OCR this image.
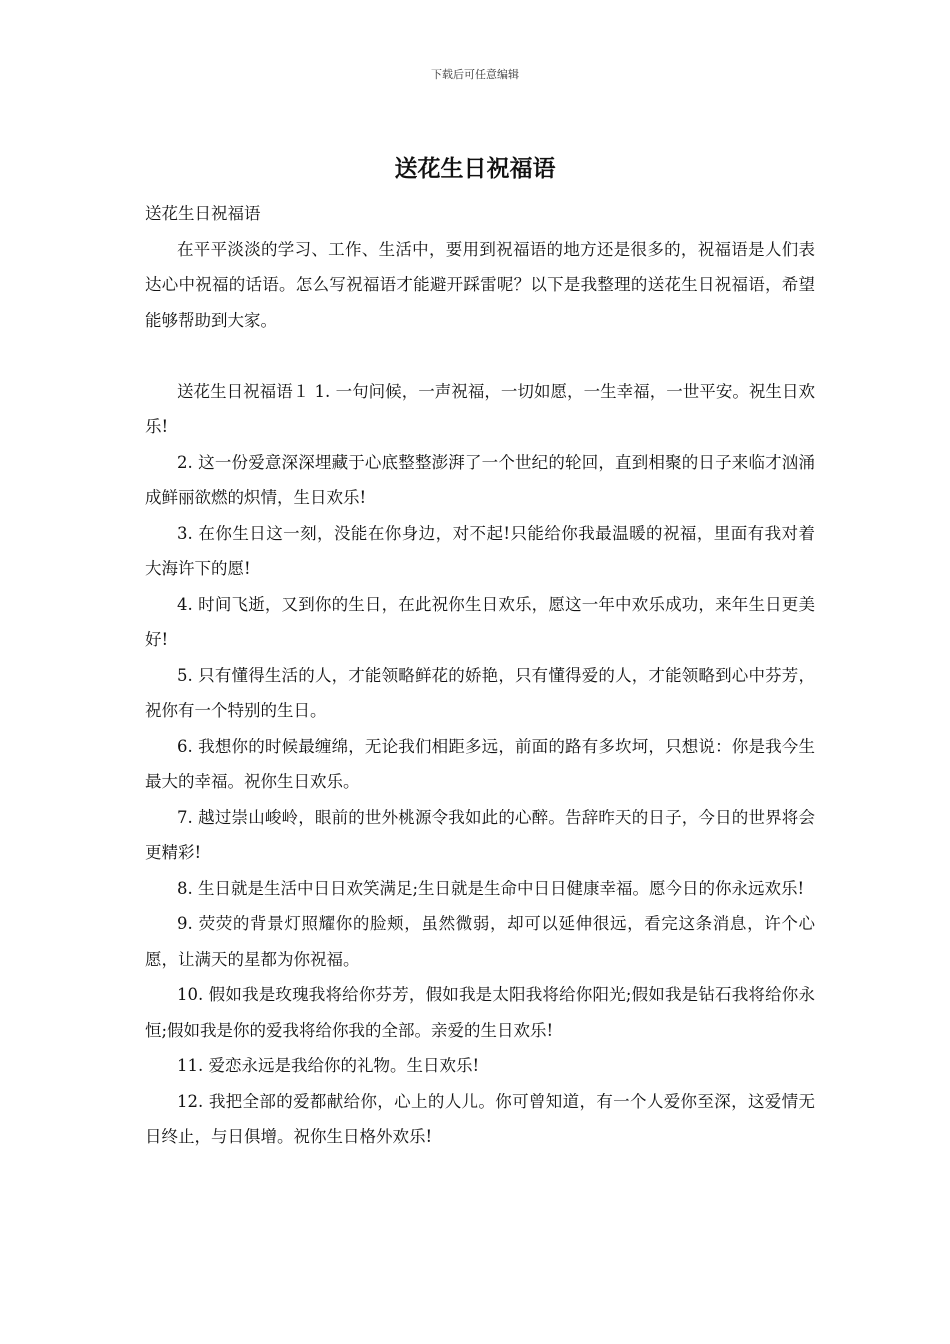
下载后可任意编辑
送花生日祝福语

送花生日祝福语

在平平淡淡的学习、工作、生活中，要用到祝福语的地方还是很多的，祝福语是人们表达心中祝福的话语。怎么写祝福语才能避开踩雷呢？以下是我整理的送花生日祝福语，希望能够帮助到大家。

送花生日祝福语１ 1. 一句问候，一声祝福，一切如愿，一生幸福，一世平安。祝生日欢乐!

2. 这一份爱意深深埋藏于心底整整澎湃了一个世纪的轮回，直到相聚的日子来临才汹涌成鲜丽欲燃的炽情，生日欢乐!

3. 在你生日这一刻，没能在你身边，对不起!只能给你我最温暖的祝福，里面有我对着大海许下的愿!

4. 时间飞逝，又到你的生日，在此祝你生日欢乐，愿这一年中欢乐成功，来年生日更美好!

5. 只有懂得生活的人，才能领略鲜花的娇艳，只有懂得爱的人，才能领略到心中芬芳，祝你有一个特别的生日。

6. 我想你的时候最缠绵，无论我们相距多远，前面的路有多坎坷，只想说：你是我今生最大的幸福。祝你生日欢乐。

7. 越过崇山峻岭，眼前的世外桃源令我如此的心醉。告辞昨天的日子，今日的世界将会更精彩!

8. 生日就是生活中日日欢笑满足;生日就是生命中日日健康幸福。愿今日的你永远欢乐!

9. 荧荧的背景灯照耀你的脸颊，虽然微弱，却可以延伸很远，看完这条消息，许个心愿，让满天的星都为你祝福。

10. 假如我是玫瑰我将给你芬芳，假如我是太阳我将给你阳光;假如我是钻石我将给你永恒;假如我是你的爱我将给你我的全部。亲爱的生日欢乐!

11. 爱恋永远是我给你的礼物。生日欢乐!

12. 我把全部的爱都献给你，心上的人儿。你可曾知道，有一个人爱你至深，这爱情无日终止，与日俱增。祝你生日格外欢乐!
